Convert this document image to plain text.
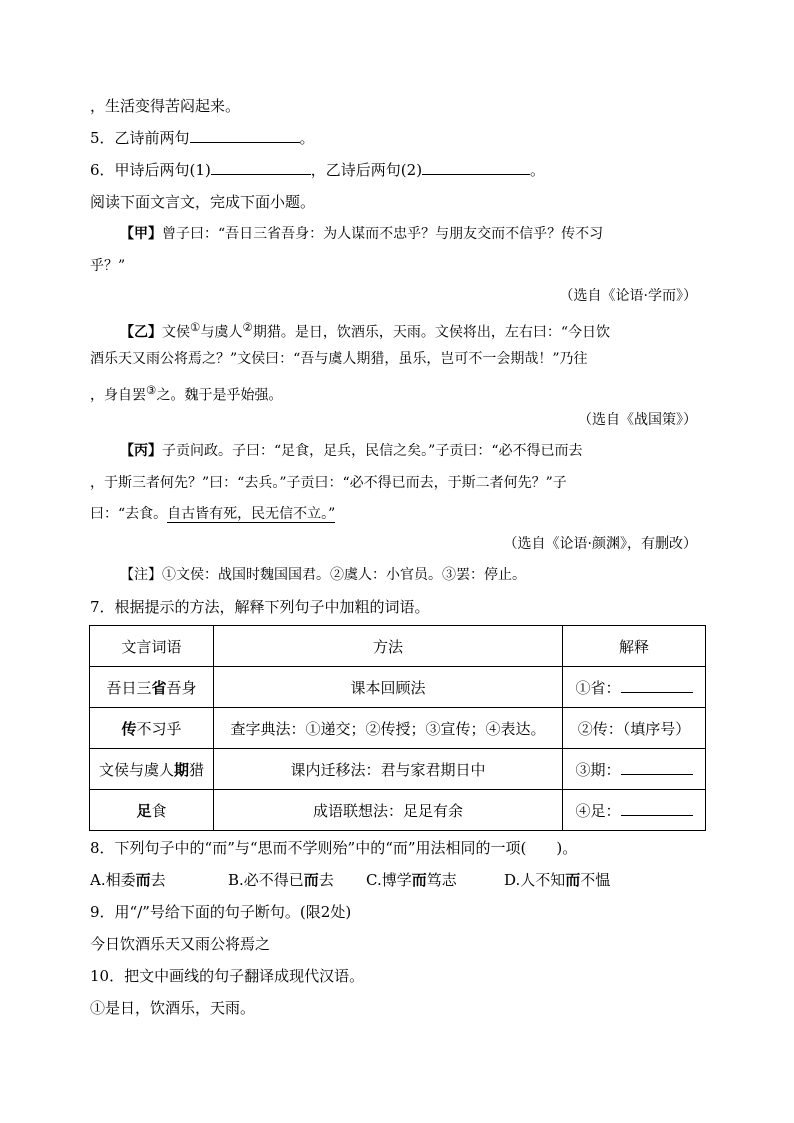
，生活变得苦闷起来。
5．乙诗前两句	。
6．甲诗后两句(1)	，乙诗后两句(2)	。
阅读下面文言文，完成下面小题。
【甲】曾子曰：“吾日三省吾身：为人谋而不忠乎？与朋友交而不信乎？传不习
乎？”
（选自《论语·学而》）
【乙】文侯①与虞人②期猎。是日，饮酒乐，天雨。文侯将出，左右曰：“今日饮
酒乐天又雨公将焉之？”文侯曰：“吾与虞人期猎，虽乐，岂可不一会期哉！”乃往
，身自罢③之。魏于是乎始强。
（选自《战国策》）
【丙】子贡问政。子曰：“足食，足兵，民信之矣。”子贡曰：“必不得已而去
，于斯三者何先？”曰：“去兵。”子贡曰：“必不得已而去，于斯二者何先？”子
曰：“去食。自古皆有死，民无信不立。”
（选自《论语·颜渊》，有删改）
【注】①文侯：战国时魏国国君。②虞人：小官员。③罢：停止。
7．根据提示的方法，解释下列句子中加粗的词语。
文言词语	方法	解释
吾日三省吾身	课本回顾法	①省：
传不习乎	查字典法：①递交；②传授；③宣传；④表达。	②传：（填序号）
文侯与虞人期猎	课内迁移法：君与家君期日中	③期：
足食	成语联想法：足足有余	④足：
8．下列句子中的“而”与“思而不学则殆”中的“而”用法相同的一项(　　)。
A.相委而去	B.必不得已而去 C.博学而笃志	D.人不知而不愠
9．用“/”号给下面的句子断句。(限2处)
今日饮酒乐天又雨公将焉之
10．把文中画线的句子翻译成现代汉语。
①是日，饮酒乐，天雨。
